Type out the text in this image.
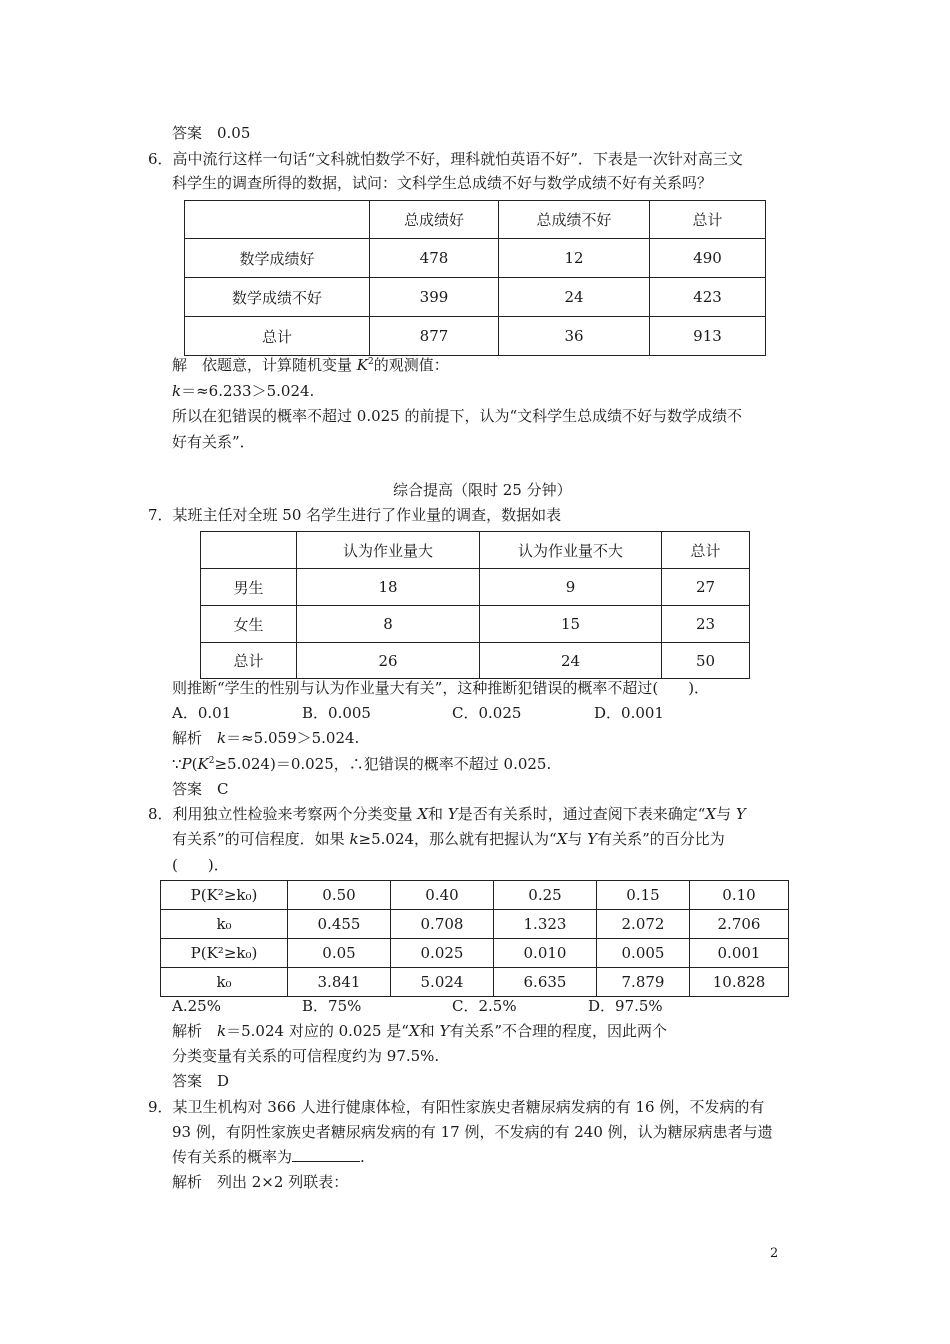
答案　0.05
6．高中流行这样一句话“文科就怕数学不好，理科就怕英语不好”．下表是一次针对高三文
科学生的调查所得的数据，试问：文科学生总成绩不好与数学成绩不好有关系吗？
	总成绩好	总成绩不好	总计
数学成绩好	478	12	490
数学成绩不好	399	24	423
总计	877	36	913
解　依题意，计算随机变量 $K^2$的观测值：
k＝≈6.233＞5.024.
所以在犯错误的概率不超过 0.025 的前提下，认为“文科学生总成绩不好与数学成绩不
好有关系”．
综合提高（限时 25 分钟）
7．某班主任对全班 50 名学生进行了作业量的调查，数据如表
	认为作业量大	认为作业量不大	总计
男生	18	9	27
女生	8	15	23
总计	26	24	50
则推断“学生的性别与认为作业量大有关”，这种推断犯错误的概率不超过(　　)．
A．0.01	B．0.005	C．0.025	D．0.001
解析　k＝≈5.059＞5.024.
$\because P(K^2\ge 5.024)=0.025$，∴犯错误的概率不超过 0.025.
答案　C
8．利用独立性检验来考察两个分类变量 X和 Y是否有关系时，通过查阅下表来确定“X与 Y
有关系”的可信程度．如果 k≥5.024，那么就有把握认为“X与 Y有关系”的百分比为
(　　)．
P(K²≥k₀)	0.50	0.40	0.25	0.15	0.10
k₀	0.455	0.708	1.323	2.072	2.706
P(K²≥k₀)	0.05	0.025	0.010	0.005	0.001
k₀	3.841	5.024	6.635	7.879	10.828
A.25%	B．75%	C．2.5%	D．97.5%
解析　k＝5.024 对应的 0.025 是“X和 Y有关系”不合理的程度，因此两个
分类变量有关系的可信程度约为 97.5%.
答案　D
9．某卫生机构对 366 人进行健康体检，有阳性家族史者糖尿病发病的有 16 例，不发病的有
93 例，有阴性家族史者糖尿病发病的有 17 例，不发病的有 240 例，认为糖尿病患者与遗
传有关系的概率为	.
解析　列出 2×2 列联表：
2
